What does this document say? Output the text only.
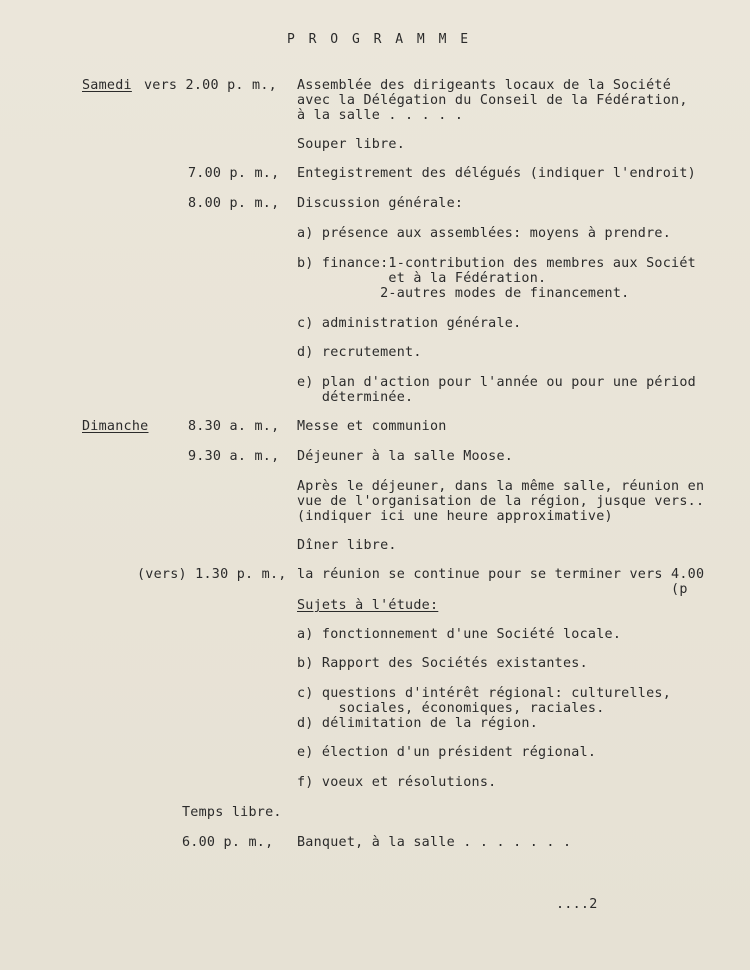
P R O G R A M M E
Samedi vers 2.00 p. m., Assemblée des dirigeants locaux de la Société
avec la Délégation du Conseil de la Fédération,
à la salle . . . . .
Souper libre.
7.00 p. m., Entegistrement des délégués (indiquer l'endroit)
8.00 p. m., Discussion générale:
a) présence aux assemblées: moyens à prendre.
b) finance:1-contribution des membres aux Sociét
et à la Fédération.
2-autres modes de financement.
c) administration générale.
d) recrutement.
e) plan d'action pour l'année ou pour une périod
déterminée.
Dimanche	8.30 a. m., Messe et communion
9.30 a. m., Déjeuner à la salle Moose.
Après le déjeuner, dans la même salle, réunion en
vue de l'organisation de la région, jusque vers..
(indiquer ici une heure approximative)
Dîner libre.
(vers) 1.30 p. m., la réunion se continue pour se terminer vers 4.00
(p
Sujets à l'étude:
a) fonctionnement d'une Société locale.
b) Rapport des Sociétés existantes.
c) questions d'intérêt régional: culturelles,
sociales, économiques, raciales.
d) délimitation de la région.
e) élection d'un président régional.
f) voeux et résolutions.
Temps libre.
6.00 p. m., Banquet, à la salle . . . . . . .
....2
